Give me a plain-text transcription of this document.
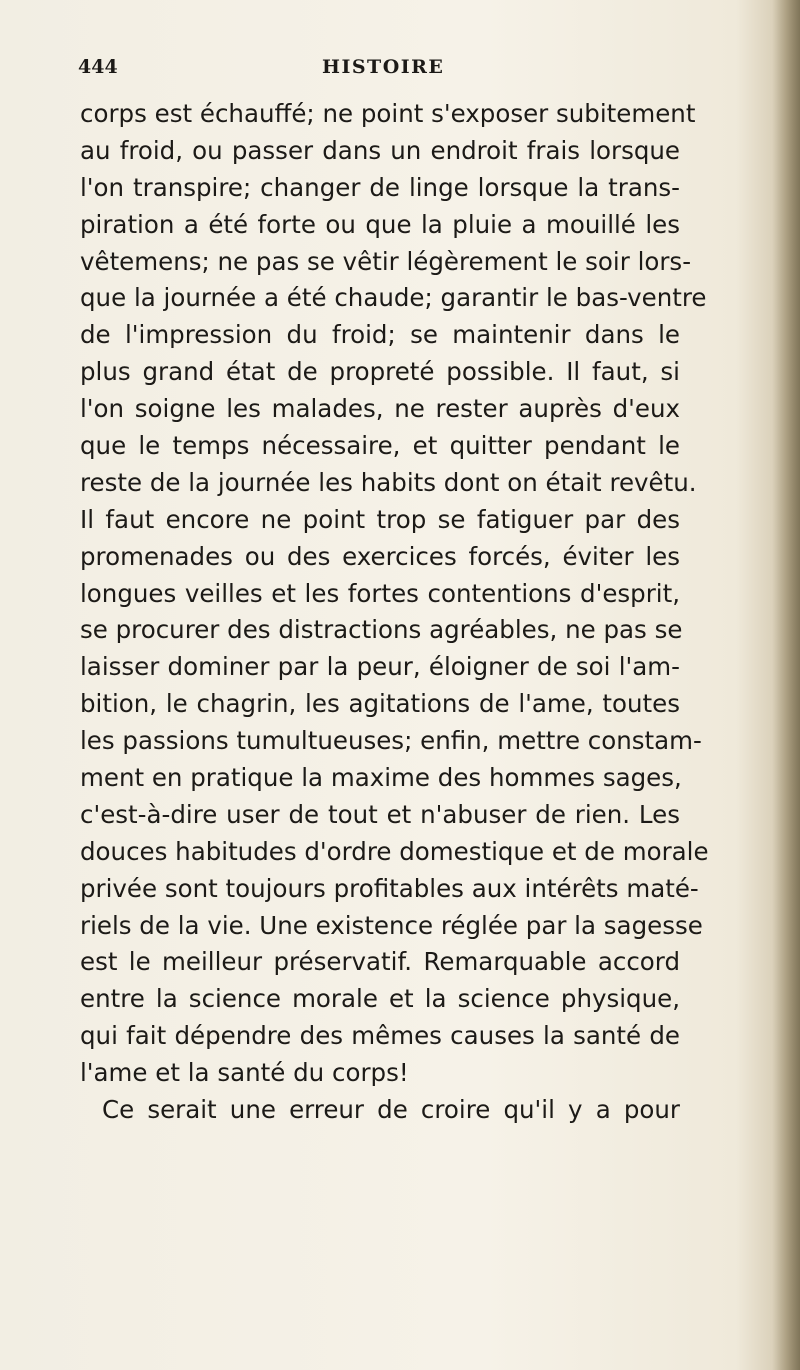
444	HISTOIRE
corps est échauffé; ne point s'exposer subitement
au froid, ou passer dans un endroit frais lorsque
l'on transpire; changer de linge lorsque la trans-
piration a été forte ou que la pluie a mouillé les
vêtemens; ne pas se vêtir légèrement le soir lors-
que la journée a été chaude; garantir le bas-ventre
de l'impression du froid; se maintenir dans le
plus grand état de propreté possible. Il faut, si
l'on soigne les malades, ne rester auprès d'eux
que le temps nécessaire, et quitter pendant le
reste de la journée les habits dont on était revêtu.
Il faut encore ne point trop se fatiguer par des
promenades ou des exercices forcés, éviter les
longues veilles et les fortes contentions d'esprit,
se procurer des distractions agréables, ne pas se
laisser dominer par la peur, éloigner de soi l'am-
bition, le chagrin, les agitations de l'ame, toutes
les passions tumultueuses; enfin, mettre constam-
ment en pratique la maxime des hommes sages,
c'est-à-dire user de tout et n'abuser de rien. Les
douces habitudes d'ordre domestique et de morale
privée sont toujours profitables aux intérêts maté-
riels de la vie. Une existence réglée par la sagesse
est le meilleur préservatif. Remarquable accord
entre la science morale et la science physique,
qui fait dépendre des mêmes causes la santé de
l'ame et la santé du corps!
Ce serait une erreur de croire qu'il y a pour
